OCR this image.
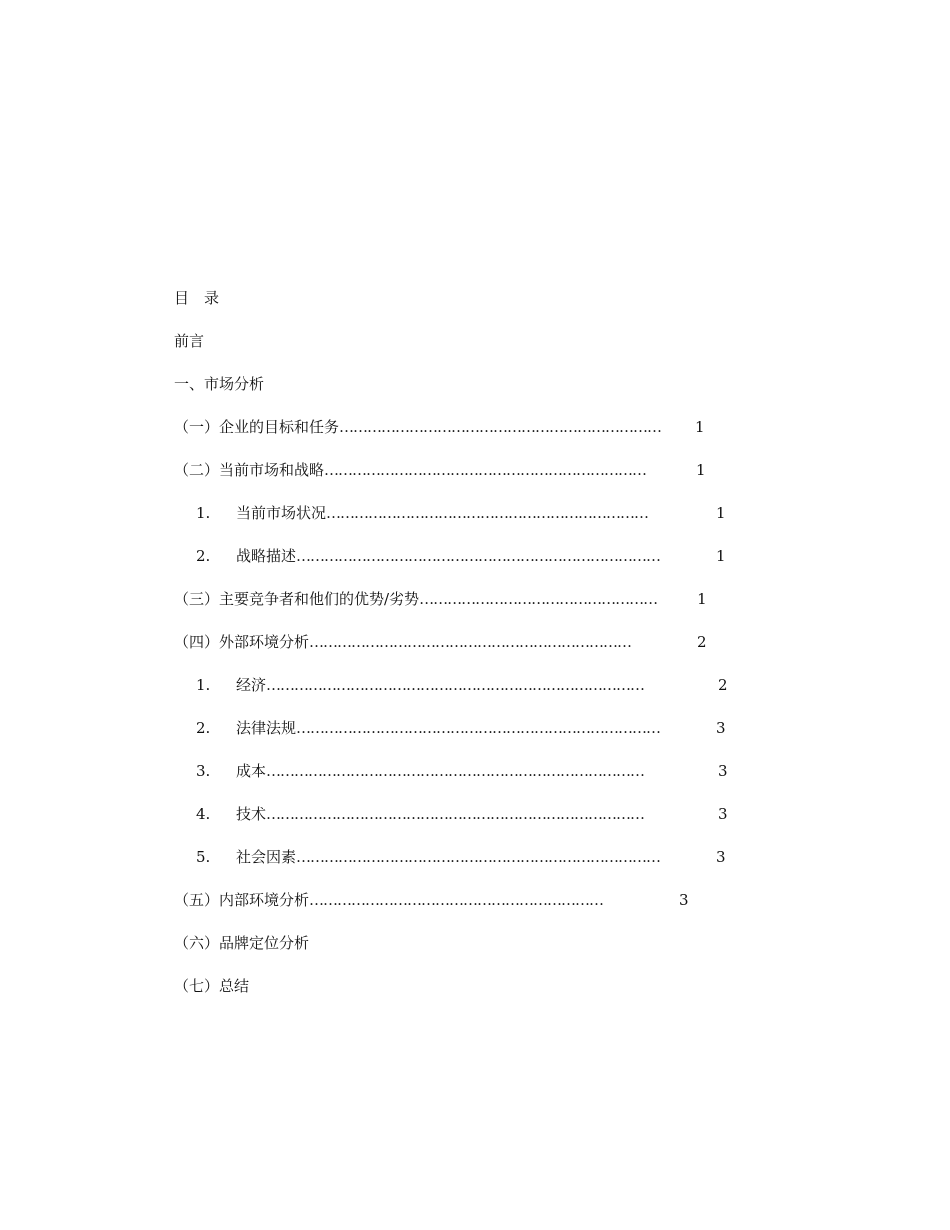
目　录
前言
一、市场分析
（一）企业的目标和任务…………………………………………………………… 1
（二）当前市场和战略……………………………………………………………	1
1. 当前市场状况……………………………………………………………	1
2. 战略描述……………………………………………………………………	1
（三）主要竞争者和他们的优势/劣势……………………………………………	1
（四）外部环境分析……………………………………………………………	2
1. 经济………………………………………………………………………	2
2. 法律法规……………………………………………………………………	3
3. 成本………………………………………………………………………	3
4. 技术………………………………………………………………………	3
5. 社会因素……………………………………………………………………	3
（五）内部环境分析………………………………………………………	3
（六）品牌定位分析
（七）总结
